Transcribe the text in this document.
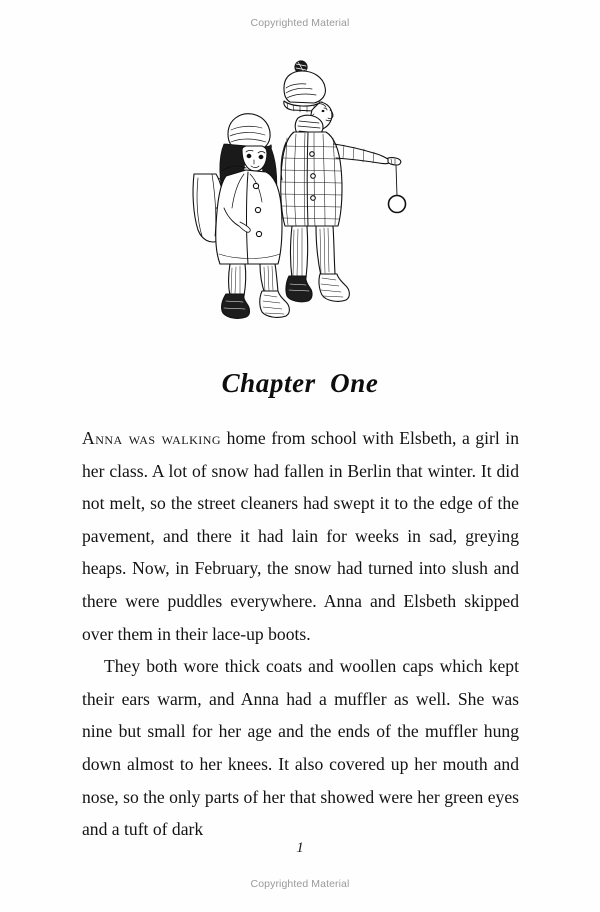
Copyrighted Material
Chapter One

Anna was walking home from school with Elsbeth, a girl in her class. A lot of snow had fallen in Berlin that winter. It did not melt, so the street cleaners had swept it to the edge of the pavement, and there it had lain for weeks in sad, greying heaps. Now, in February, the snow had turned into slush and there were puddles everywhere. Anna and Elsbeth skipped over them in their lace-up boots.

They both wore thick coats and woollen caps which kept their ears warm, and Anna had a muffler as well. She was nine but small for her age and the ends of the muffler hung down almost to her knees. It also covered up her mouth and nose, so the only parts of her that showed were her green eyes and a tuft of dark

1
Copyrighted Material
